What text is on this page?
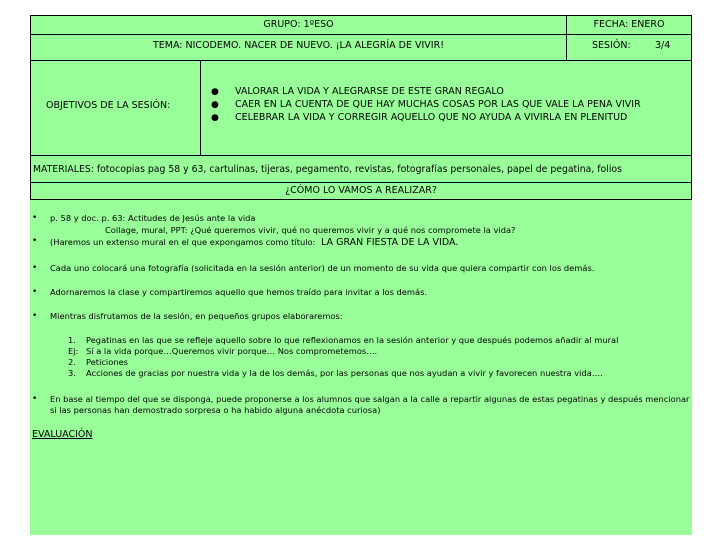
GRUPO: 1ºESO	FECHA: ENERO
TEMA: NICODEMO. NACER DE NUEVO. ¡LA ALEGRÍA DE VIVIR!	SESIÓN:	3/4
OBJETIVOS DE LA SESIÓN:
● VALORAR LA VIDA Y ALEGRARSE DE ESTE GRAN REGALO
● CAER EN LA CUENTA DE QUE HAY MUCHAS COSAS POR LAS QUE VALE LA PENA VIVIR
● CELEBRAR LA VIDA Y CORREGIR AQUELLO QUE NO AYUDA A VIVIRLA EN PLENITUD
MATERIALES: fotocopias pag 58 y 63, cartulinas, tijeras, pegamento, revistas, fotografías personales, papel de pegatina, folios
¿CÓMO LO VAMOS A REALIZAR?
• p. 58 y doc. p. 63: Actitudes de Jesús ante la vida
Collage, mural, PPT: ¿Qué queremos vivir, qué no queremos vivir y a qué nos compromete la vida?
• (Haremos un extenso mural en el que expongamos como título: LA GRAN FIESTA DE LA VIDA.
• Cada uno colocará una fotografía (solicitada en la sesión anterior) de un momento de su vida que quiera compartir con los demás.
• Adornaremos la clase y compartiremos aquello que hemos traído para invitar a los demás.
• Mientras disfrutamos de la sesión, en pequeños grupos elaboraremos:
1. Pegatinas en las que se refleje aquello sobre lo que reflexionamos en la sesión anterior y que después podemos añadir al mural
Ej: Sí a la vida porque…Queremos vivir porque… Nos comprometemos….
2. Peticiones
3. Acciones de gracias por nuestra vida y la de los demás, por las personas que nos ayudan a vivir y favorecen nuestra vida….
• En base al tiempo del que se disponga, puede proponerse a los alumnos que salgan a la calle a repartir algunas de estas pegatinas y después mencionar si las personas han demostrado sorpresa o ha habido alguna anécdota curiosa)
EVALUACIÓN
